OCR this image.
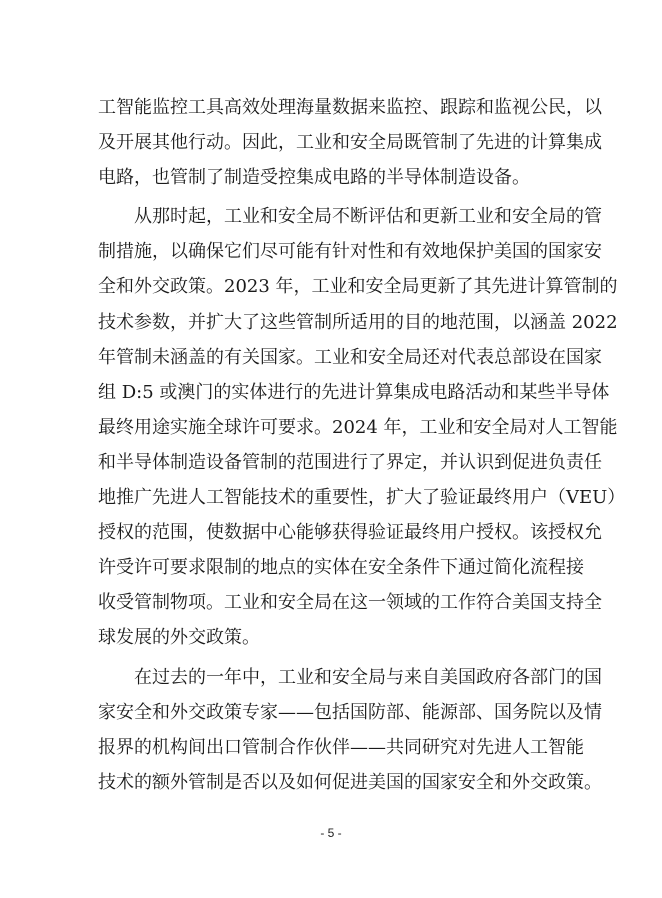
工智能监控工具高效处理海量数据来监控、跟踪和监视公民，以
及开展其他行动。因此，工业和安全局既管制了先进的计算集成
电路，也管制了制造受控集成电路的半导体制造设备。
从那时起，工业和安全局不断评估和更新工业和安全局的管
制措施，以确保它们尽可能有针对性和有效地保护美国的国家安
全和外交政策。2023 年，工业和安全局更新了其先进计算管制的
技术参数，并扩大了这些管制所适用的目的地范围，以涵盖 2022
年管制未涵盖的有关国家。工业和安全局还对代表总部设在国家
组 D:5 或澳门的实体进行的先进计算集成电路活动和某些半导体
最终用途实施全球许可要求。2024 年，工业和安全局对人工智能
和半导体制造设备管制的范围进行了界定，并认识到促进负责任
地推广先进人工智能技术的重要性，扩大了验证最终用户（VEU）
授权的范围，使数据中心能够获得验证最终用户授权。该授权允
许受许可要求限制的地点的实体在安全条件下通过简化流程接
收受管制物项。工业和安全局在这一领域的工作符合美国支持全
球发展的外交政策。
在过去的一年中，工业和安全局与来自美国政府各部门的国
家安全和外交政策专家——包括国防部、能源部、国务院以及情
报界的机构间出口管制合作伙伴——共同研究对先进人工智能
技术的额外管制是否以及如何促进美国的国家安全和外交政策。
- 5 -
